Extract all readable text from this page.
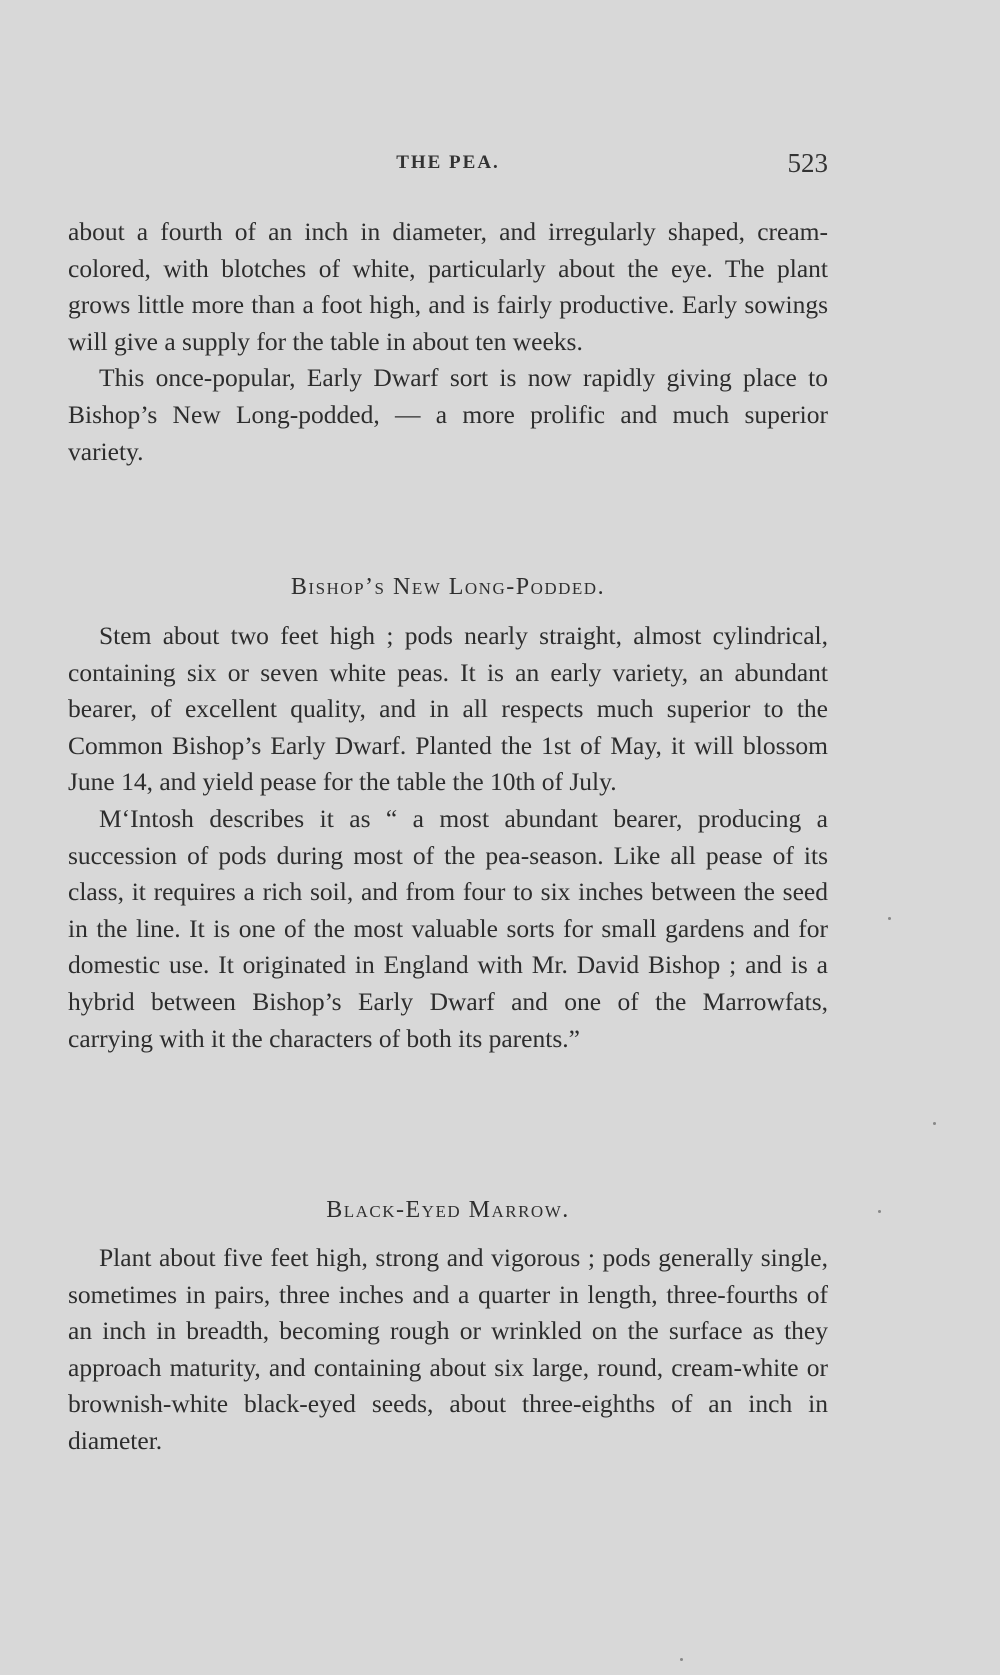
THE PEA.	523

about a fourth of an inch in diameter, and irregularly shaped, cream-colored, with blotches of white, particularly about the eye. The plant grows little more than a foot high, and is fairly productive. Early sowings will give a supply for the table in about ten weeks.

This once-popular, Early Dwarf sort is now rapidly giving place to Bishop’s New Long-podded, — a more prolific and much superior variety.

Bishop’s New Long-Podded.

Stem about two feet high ; pods nearly straight, almost cylindrical, containing six or seven white peas. It is an early variety, an abundant bearer, of excellent quality, and in all respects much superior to the Common Bishop’s Early Dwarf. Planted the 1st of May, it will blossom June 14, and yield pease for the table the 10th of July.

M‘Intosh describes it as “ a most abundant bearer, producing a succession of pods during most of the pea-season. Like all pease of its class, it requires a rich soil, and from four to six inches between the seed in the line. It is one of the most valuable sorts for small gardens and for domestic use. It originated in England with Mr. David Bishop ; and is a hybrid between Bishop’s Early Dwarf and one of the Marrowfats, carrying with it the characters of both its parents.”

Black-Eyed Marrow.

Plant about five feet high, strong and vigorous ; pods generally single, sometimes in pairs, three inches and a quarter in length, three-fourths of an inch in breadth, becoming rough or wrinkled on the surface as they approach maturity, and containing about six large, round, cream-white or brownish-white black-eyed seeds, about three-eighths of an inch in diameter.
